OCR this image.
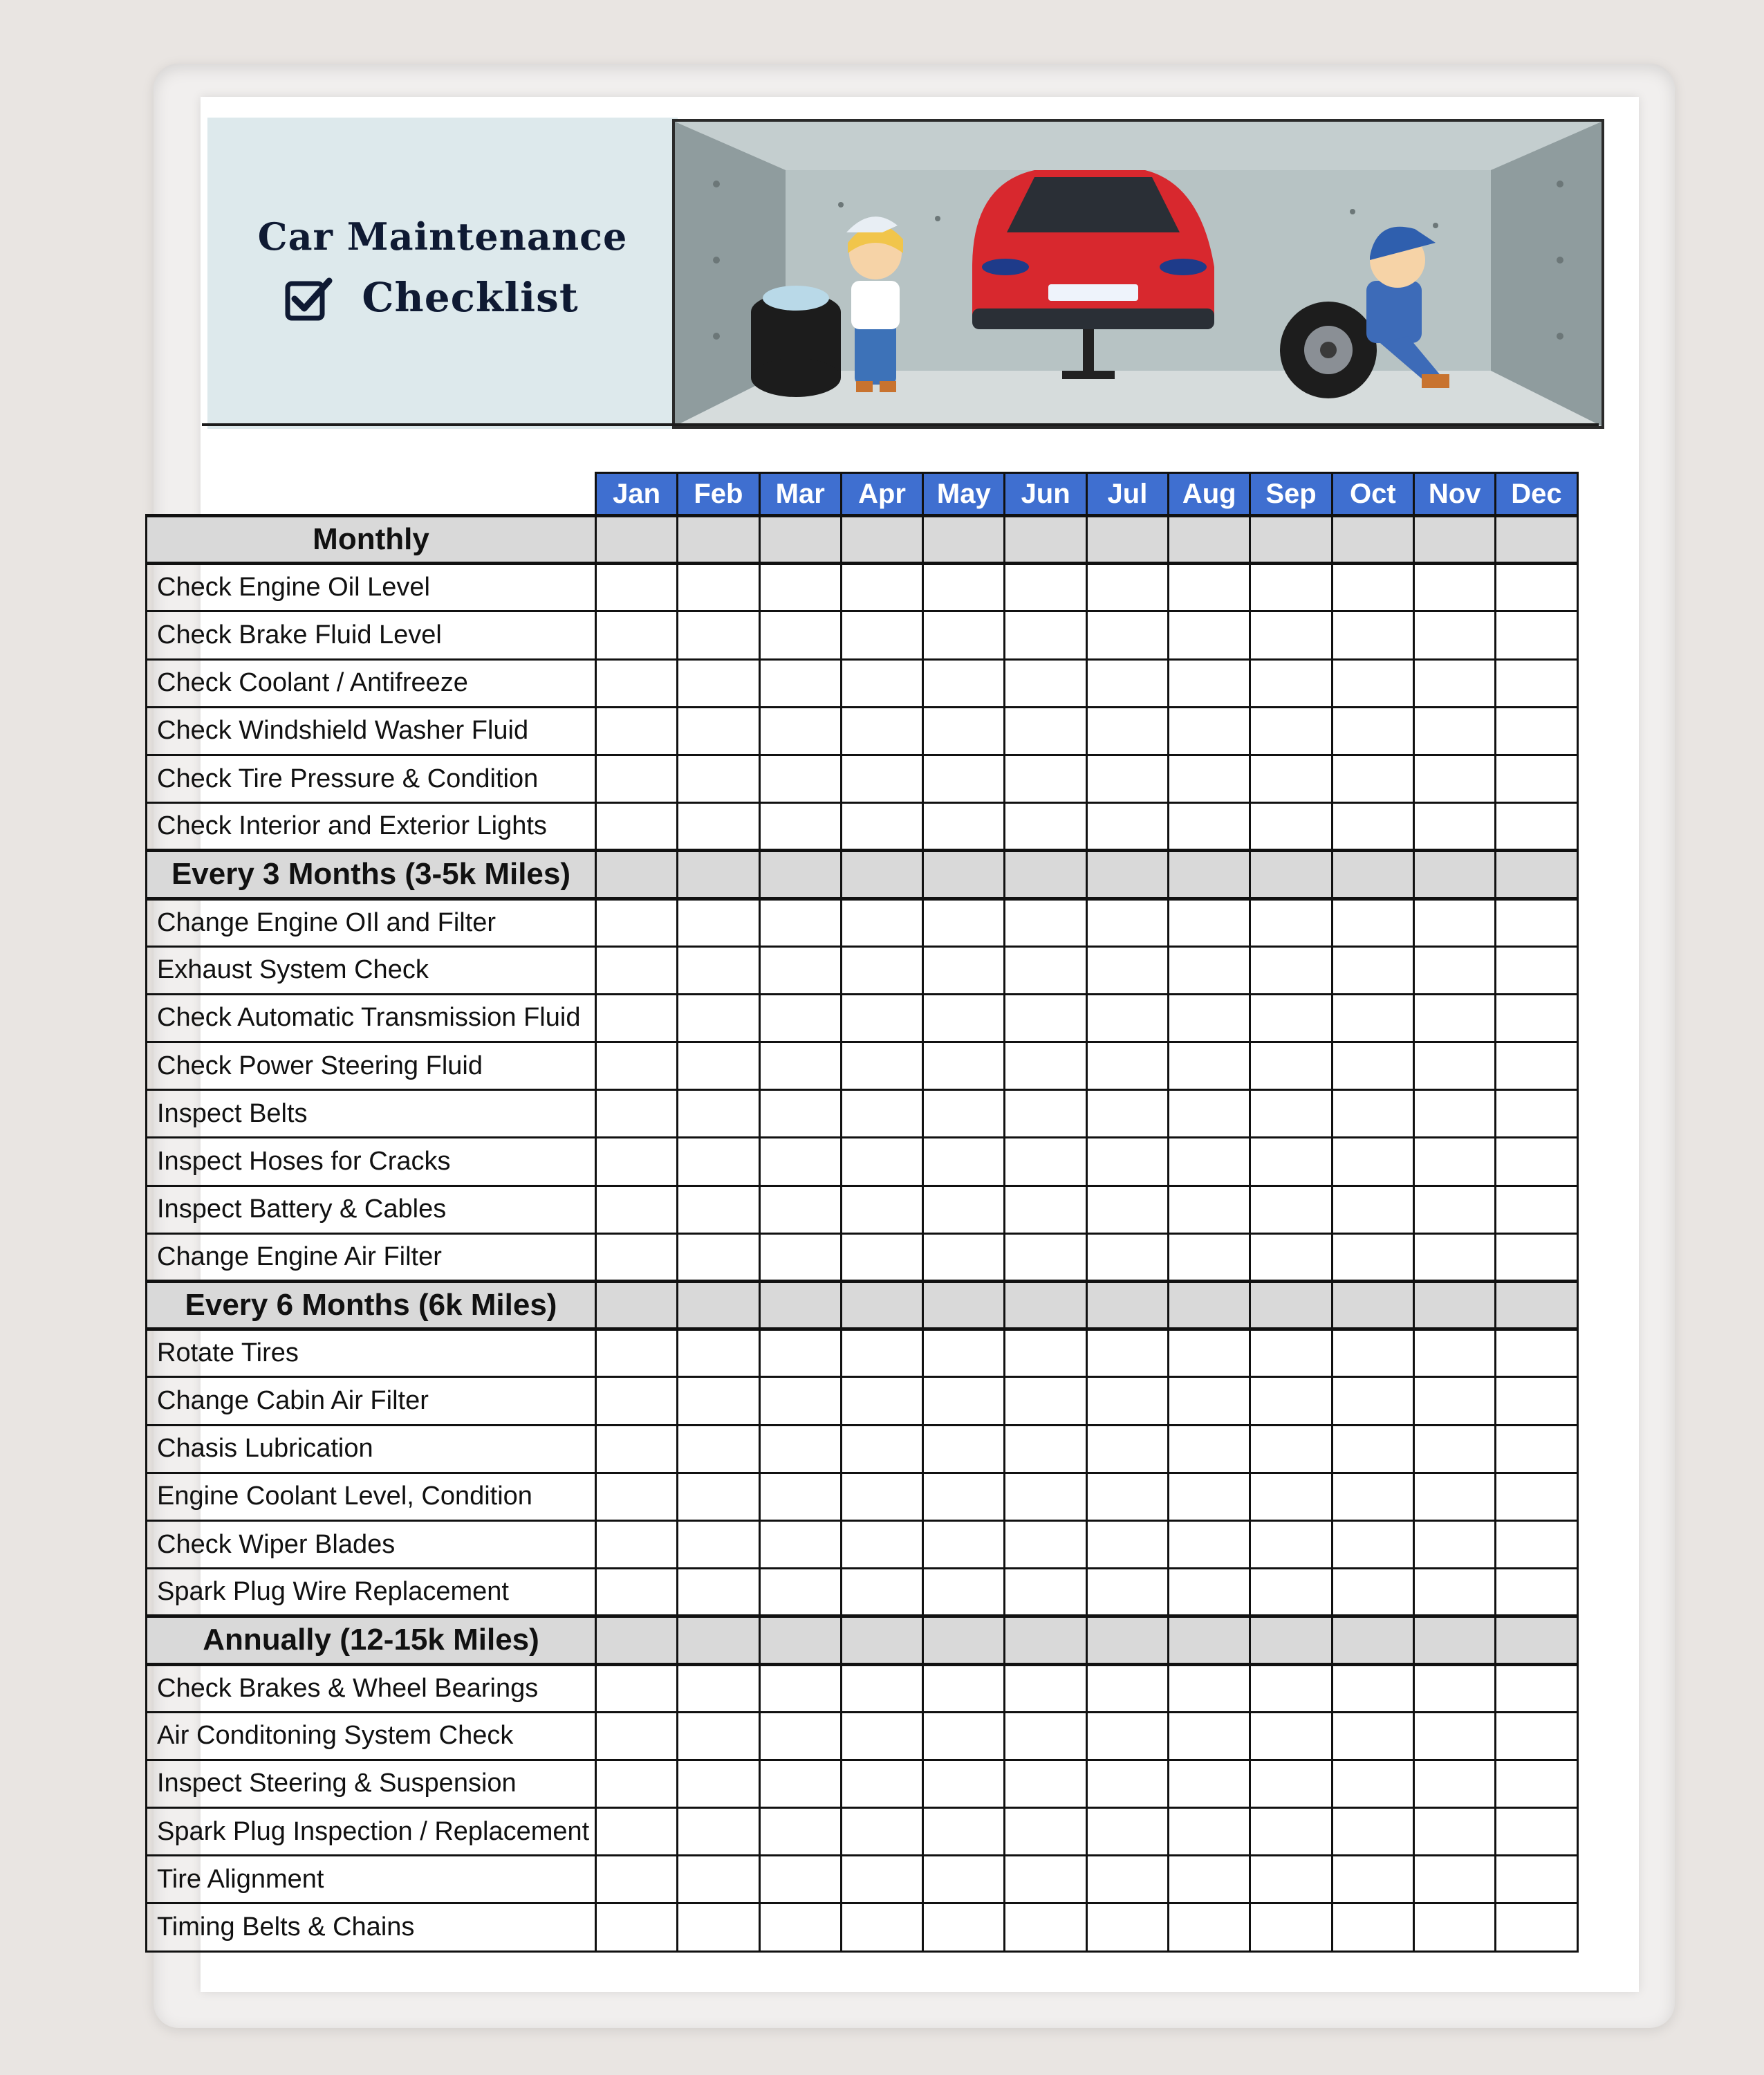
Car Maintenance
Checklist
	Jan	Feb	Mar	Apr	May	Jun	Jul	Aug	Sep	Oct	Nov	Dec
Monthly												
Check Engine Oil Level												
Check Brake Fluid Level												
Check Coolant / Antifreeze												
Check Windshield Washer Fluid												
Check Tire Pressure & Condition												
Check Interior and Exterior Lights												
Every 3 Months (3-5k Miles)												
Change Engine OIl and Filter												
Exhaust System Check												
Check Automatic Transmission Fluid												
Check Power Steering Fluid												
Inspect Belts												
Inspect Hoses for Cracks												
Inspect Battery & Cables												
Change Engine Air Filter												
Every 6 Months (6k Miles)												
Rotate Tires												
Change Cabin Air Filter												
Chasis Lubrication												
Engine Coolant Level, Condition												
Check Wiper Blades												
Spark Plug Wire Replacement												
Annually (12-15k Miles)												
Check Brakes & Wheel Bearings												
Air Conditoning System Check												
Inspect Steering & Suspension												
Spark Plug Inspection / Replacement												
Tire Alignment												
Timing Belts & Chains												
